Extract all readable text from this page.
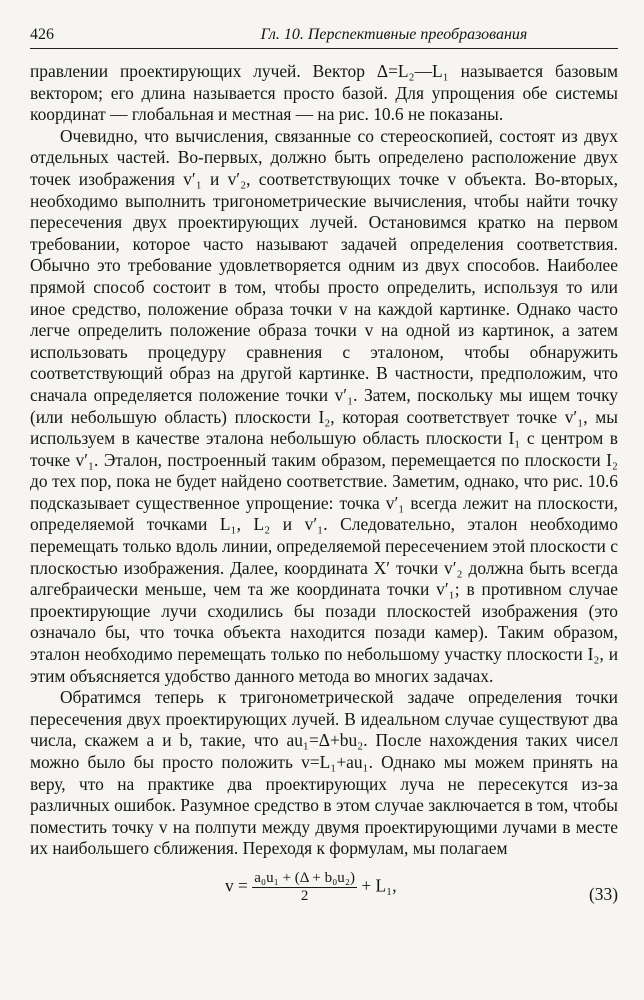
426	Гл. 10. Перспективные преобразования

правлении проектирующих лучей. Вектор Δ=L₂—L₁ называется базовым вектором; его длина называется просто базой. Для упрощения обе системы координат — глобальная и местная — на рис. 10.6 не показаны.

Очевидно, что вычисления, связанные со стереоскопией, состоят из двух отдельных частей. Во-первых, должно быть определено расположение двух точек изображения v′₁ и v′₂, соответствующих точке v объекта. Во-вторых, необходимо выполнить тригонометрические вычисления, чтобы найти точку пересечения двух проектирующих лучей. Остановимся кратко на первом требовании, которое часто называют задачей определения соответствия. Обычно это требование удовлетворяется одним из двух способов. Наиболее прямой способ состоит в том, чтобы просто определить, используя то или иное средство, положение образа точки v на каждой картинке. Однако часто легче определить положение образа точки v на одной из картинок, а затем использовать процедуру сравнения с эталоном, чтобы обнаружить соответствующий образ на другой картинке. В частности, предположим, что сначала определяется положение точки v′₁. Затем, поскольку мы ищем точку (или небольшую область) плоскости I₂, которая соответствует точке v′₁, мы используем в качестве эталона небольшую область плоскости I₁ с центром в точке v′₁. Эталон, построенный таким образом, перемещается по плоскости I₂ до тех пор, пока не будет найдено соответствие. Заметим, однако, что рис. 10.6 подсказывает существенное упрощение: точка v′₁ всегда лежит на плоскости, определяемой точками L₁, L₂ и v′₁. Следовательно, эталон необходимо перемещать только вдоль линии, определяемой пересечением этой плоскости с плоскостью изображения. Далее, координата X′ точки v′₂ должна быть всегда алгебраически меньше, чем та же координата точки v′₁; в противном случае проектирующие лучи сходились бы позади плоскостей изображения (это означало бы, что точка объекта находится позади камер). Таким образом, эталон необходимо перемещать только по небольшому участку плоскости I₂, и этим объясняется удобство данного метода во многих задачах.

Обратимся теперь к тригонометрической задаче определения точки пересечения двух проектирующих лучей. В идеальном случае существуют два числа, скажем a и b, такие, что au₁=Δ+bu₂. После нахождения таких чисел можно было бы просто положить v=L₁+au₁. Однако мы можем принять на веру, что на практике два проектирующих луча не пересекутся из-за различных ошибок. Разумное средство в этом случае заключается в том, чтобы поместить точку v на полпути между двумя проектирующими лучами в месте их наибольшего сближения. Переходя к формулам, мы полагаем

$v = \frac{\text{a₀u₁ + (Δ + b₀u₂)}}{2} + L_1$,	(33)
